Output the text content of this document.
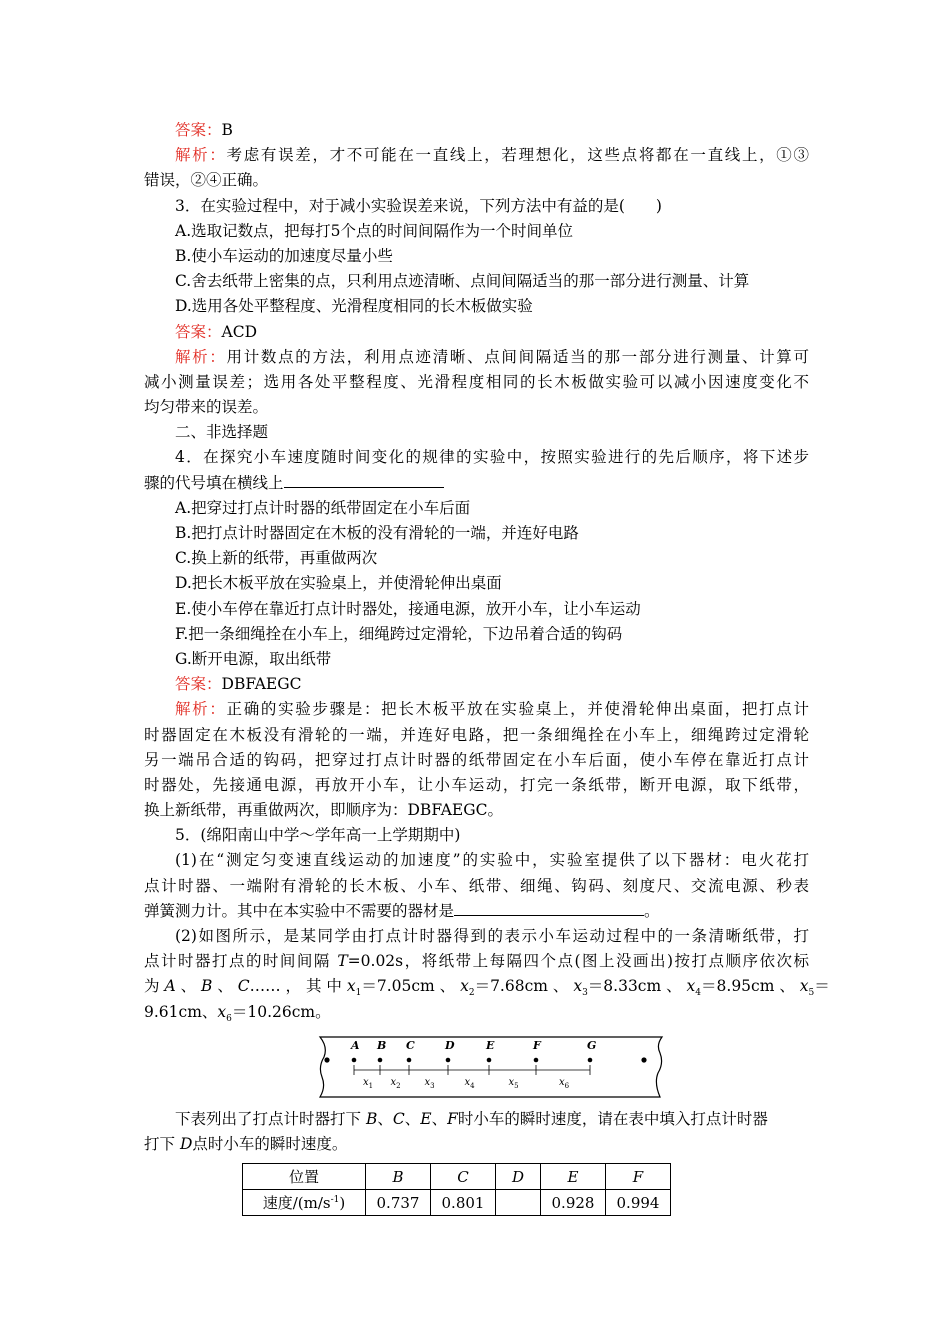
答案：B
解析：考虑有误差，才不可能在一直线上，若理想化，这些点将都在一直线上，①③
错误，②④正确。
3．在实验过程中，对于减小实验误差来说，下列方法中有益的是(　　)
A.选取记数点，把每打5个点的时间间隔作为一个时间单位
B.使小车运动的加速度尽量小些
C.舍去纸带上密集的点，只利用点迹清晰、点间间隔适当的那一部分进行测量、计算
D.选用各处平整程度、光滑程度相同的长木板做实验
答案：ACD
解析：用计数点的方法，利用点迹清晰、点间间隔适当的那一部分进行测量、计算可
减小测量误差；选用各处平整程度、光滑程度相同的长木板做实验可以减小因速度变化不
均匀带来的误差。
二、非选择题
4．在探究小车速度随时间变化的规律的实验中，按照实验进行的先后顺序，将下述步
骤的代号填在横线上
A.把穿过打点计时器的纸带固定在小车后面
B.把打点计时器固定在木板的没有滑轮的一端，并连好电路
C.换上新的纸带，再重做两次
D.把长木板平放在实验桌上，并使滑轮伸出桌面
E.使小车停在靠近打点计时器处，接通电源，放开小车，让小车运动
F.把一条细绳拴在小车上，细绳跨过定滑轮，下边吊着合适的钩码
G.断开电源，取出纸带
答案：DBFAEGC
解析：正确的实验步骤是：把长木板平放在实验桌上，并使滑轮伸出桌面，把打点计
时器固定在木板没有滑轮的一端，并连好电路，把一条细绳拴在小车上，细绳跨过定滑轮
另一端吊合适的钩码，把穿过打点计时器的纸带固定在小车后面，使小车停在靠近打点计
时器处，先接通电源，再放开小车，让小车运动，打完一条纸带，断开电源，取下纸带，
换上新纸带，再重做两次，即顺序为：DBFAEGC。
5．(绵阳南山中学～学年高一上学期期中)
(1)在“测定匀变速直线运动的加速度”的实验中，实验室提供了以下器材：电火花打
点计时器、一端附有滑轮的长木板、小车、纸带、细绳、钩码、刻度尺、交流电源、秒表
弹簧测力计。其中在本实验中不需要的器材是	。
(2)如图所示，是某同学由打点计时器得到的表示小车运动过程中的一条清晰纸带，打
点计时器打点的时间间隔 T=0.02s，将纸带上每隔四个点(图上没画出)按打点顺序依次标
为 A 、 B 、 C…… ， 其 中 $x_1=7.05cm$ 、 $x_2=7.68cm$ 、 $x_3=8.33cm$ 、 $x_4=8.95cm$ 、 $x_5=$
9.61cm、$x_6=10.26cm$。
A B C	D	E	F	G
$x_1$ $x_2$ $x_3$	$x_4$	$x_5$	$x_6$
下表列出了打点计时器打下 B、C、E、F时小车的瞬时速度，请在表中填入打点计时器
打下 D点时小车的瞬时速度。
位置	B	C	D	E	F
速度$/(m/s^{-1})$	0.737	0.801		0.928	0.994
